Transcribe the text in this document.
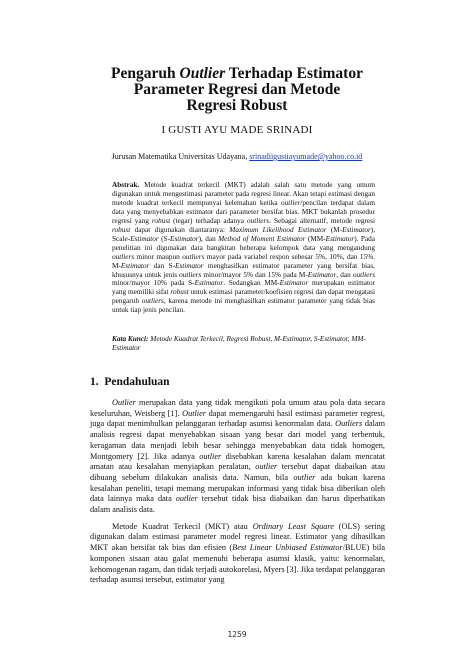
Pengaruh Outlier Terhadap Estimator
Parameter Regresi dan Metode
Regresi Robust
I GUSTI AYU MADE SRINADI
Jurusan Matematika Universitas Udayana, srinadiigustiayumade@yahoo.co.id
Abstrak. Metode kuadrat terkecil (MKT) adalah salah satu metode yang umum digunakan untuk mengestimasi parameter pada regresi linear. Akan tetapi estimasi dengan metode kuadrat terkecil mempunyai kelemahan ketika outlier/pencilan terdapat dalam data yang menyebabkan estimator dari parameter bersifat bias. MKT bukanlah prosedur regresi yang robust (tegar) terhadap adanya outliers. Sebagai alternatif, metode regresi robust dapat digunakan diantaranya: Maximum Likelihood Estimator (M-Estimator), Scale-Estimator (S-Estimator), dan Method of Moment Estimator (MM-Estimator). Pada penelitian ini digunakan data bangkitan beberapa kelompok data yang mengandung outliers minor maupun outliers mayor pada variabel respon sebesar 5%, 10%, dan 15%. M-Estimator dan S-Estimator menghasilkan estimator parameter yang bersifat bias, khususnya untuk jenis outliers minor/mayor 5% dan 15% pada M-Estimator, dan outliers minor/mayor 10% pada S-Estimator. Sedangkan MM-Estimator merupakan estimator yang memiliki sifat robust untuk estimasi parameter/koefisien regresi dan dapat mengatasi pengaruh outliers, karena metode ini menghasilkan estimator parameter yang tidak bias untuk tiap jenis pencilan.
Kata Kunci: Metode Kuadrat Terkecil, Regresi Robust, M-Estimator, S-Estimator, MM-Estimator
1. Pendahuluan

Outlier merupakan data yang tidak mengikuti pola umum atau pola data secara keseluruhan, Weisberg [1]. Outlier dapat memengaruhi hasil estimasi parameter regresi, juga dapat menimbulkan pelanggaran terhadap asumsi kenormalan data. Outliers dalam analisis regresi dapat menyebabkan sisaan yang besar dari model yang terbentuk, keragaman data menjadi lebih besar sehingga menyebabkan data tidak homogen, Montgomery [2]. Jika adanya outlier disebabkan karena kesalahan dalam mencatat amatan atau kesalahan menyiapkan peralatan, outlier tersebut dapat diabaikan atau dibuang sebelum dilakukan analisis data. Namun, bila outlier ada bukan karena kesalahan peneliti, tetapi memang merupakan informasi yang tidak bisa diberikan oleh data lainnya maka data outlier tersebut tidak bisa diabaikan dan harus diperhatikan dalam analisis data.

Metode Kuadrat Terkecil (MKT) atau Ordinary Least Square (OLS) sering digunakan dalam estimasi parameter model regresi linear. Estimator yang dihasilkan MKT akan bersifat tak bias dan efisien (Best Linear Unbiased Estimator/BLUE) bila komponen sisaan atau galat memenuhi beberapa asumsi klasik, yaitu: kenormalan, kehomogenan ragam, dan tidak terjadi autokorelasi, Myers [3]. Jika terdapat pelanggaran terhadap asumsi tersebut, estimator yang

1259
